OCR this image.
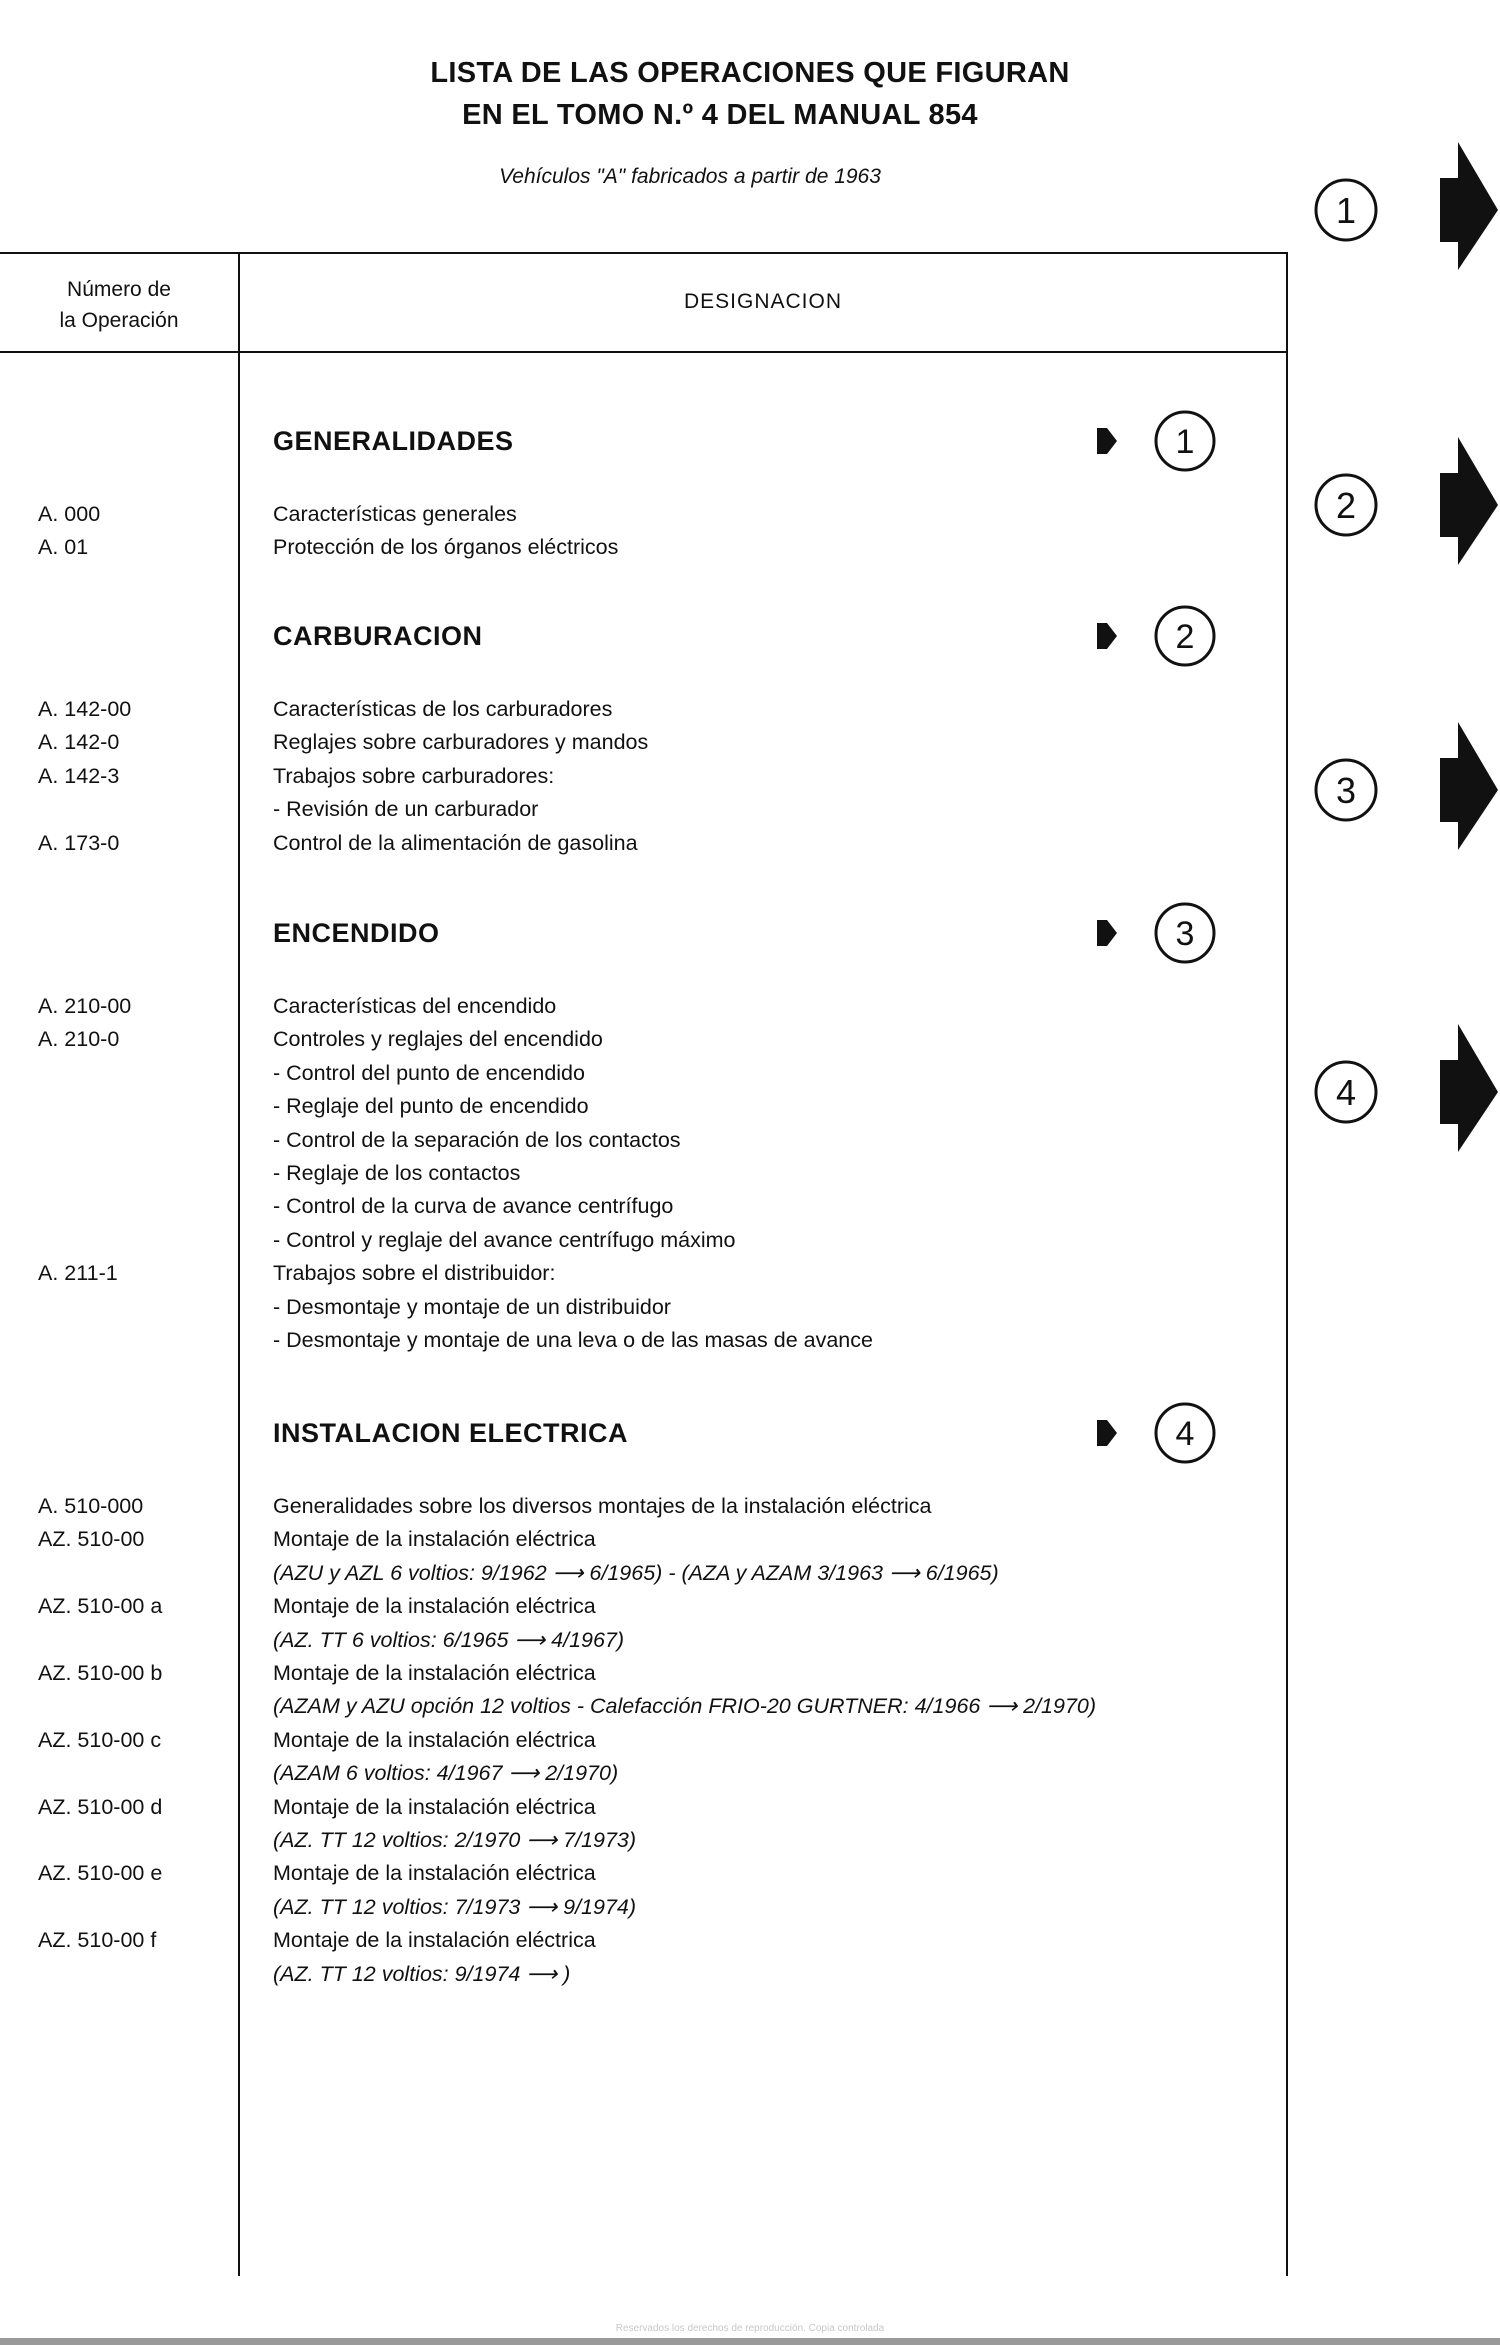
LISTA DE LAS OPERACIONES QUE FIGURAN
EN EL TOMO N.º 4 DEL MANUAL 854
Vehículos "A" fabricados a partir de 1963
Número de
la Operación
DESIGNACION
GENERALIDADES	1
A. 000	Características generales
A. 01	Protección de los órganos eléctricos
CARBURACION	2
A. 142-00	Características de los carburadores
A. 142-0	Reglajes sobre carburadores y mandos
A. 142-3	Trabajos sobre carburadores:
- Revisión de un carburador
A. 173-0	Control de la alimentación de gasolina
ENCENDIDO	3
A. 210-00	Características del encendido
A. 210-0	Controles y reglajes del encendido
- Control del punto de encendido
- Reglaje del punto de encendido
- Control de la separación de los contactos
- Reglaje de los contactos
- Control de la curva de avance centrífugo
- Control y reglaje del avance centrífugo máximo
A. 211-1	Trabajos sobre el distribuidor:
- Desmontaje y montaje de un distribuidor
- Desmontaje y montaje de una leva o de las masas de avance
INSTALACION ELECTRICA	4
A. 510-000	Generalidades sobre los diversos montajes de la instalación eléctrica
AZ. 510-00	Montaje de la instalación eléctrica
(AZU y AZL 6 voltios: 9/1962 ⟶ 6/1965) - (AZA y AZAM 3/1963 ⟶ 6/1965)
AZ. 510-00 a	Montaje de la instalación eléctrica
(AZ. TT 6 voltios: 6/1965 ⟶ 4/1967)
AZ. 510-00 b	Montaje de la instalación eléctrica
(AZAM y AZU opción 12 voltios - Calefacción FRIO-20 GURTNER: 4/1966 ⟶ 2/1970)
AZ. 510-00 c	Montaje de la instalación eléctrica
(AZAM 6 voltios: 4/1967 ⟶ 2/1970)
AZ. 510-00 d	Montaje de la instalación eléctrica
(AZ. TT 12 voltios: 2/1970 ⟶ 7/1973)
AZ. 510-00 e	Montaje de la instalación eléctrica
(AZ. TT 12 voltios: 7/1973 ⟶ 9/1974)
AZ. 510-00 f	Montaje de la instalación eléctrica
(AZ. TT 12 voltios: 9/1974 ⟶ )
1
2
3
4
Reservados los derechos de reproducción. Copia controlada
